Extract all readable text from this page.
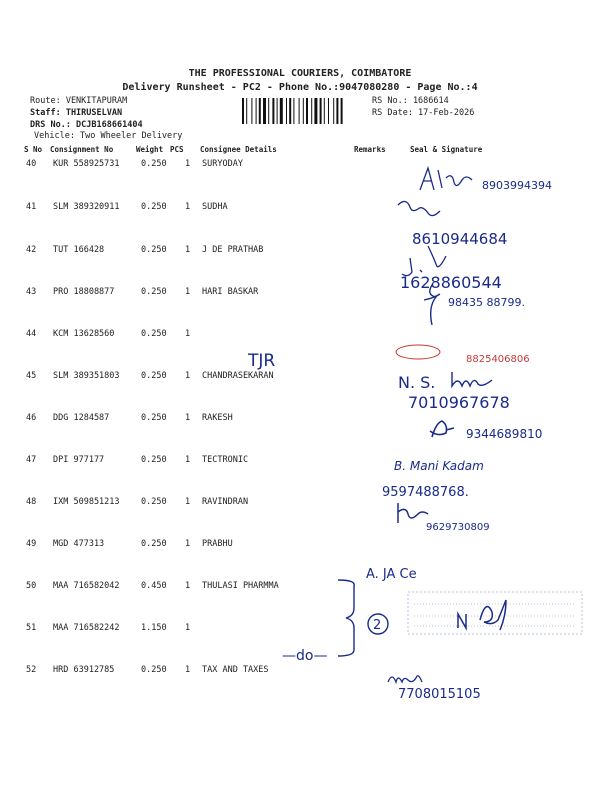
THE PROFESSIONAL COURIERS, COIMBATORE
Delivery Runsheet - PC2 - Phone No.:9047080280 - Page No.:4
Route: VENKITAPURAM
Staff: THIRUSELVAN
DRS No.: DCJB168661404
Vehicle: Two Wheeler Delivery
RS No.: 1686614
RS Date: 17-Feb-2026
S No Consignment No	Weight PCS Consignee Details	Remarks	Seal & Signature
40 KUR 558925731	0.250 1 SURYODAY
41 SLM 389320911	0.250 1 SUDHA
42 TUT 166428	0.250 1 J DE PRATHAB
43 PRO 18808877	0.250 1 HARI BASKAR
44 KCM 13628560	0.250 1
45 SLM 389351803	0.250 1 CHANDRASEKARAN
46 DDG 1284587	0.250 1 RAKESH
47 DPI 977177	0.250 1 TECTRONIC
48 IXM 509851213	0.250 1 RAVINDRAN
49 MGD 477313	0.250 1 PRABHU
50 MAA 716582042	0.450 1 THULASI PHARMMA
51 MAA 716582242	1.150 1
52 HRD 63912785	0.250 1 TAX AND TAXES
8903994394
8610944684
1628860544
98435 88799.
TJR	8825406806
N. S.
7010967678
9344689810
B. Mani Kadam
9597488768.
9629730809
A. JA Ce
2
—do—
7708015105
